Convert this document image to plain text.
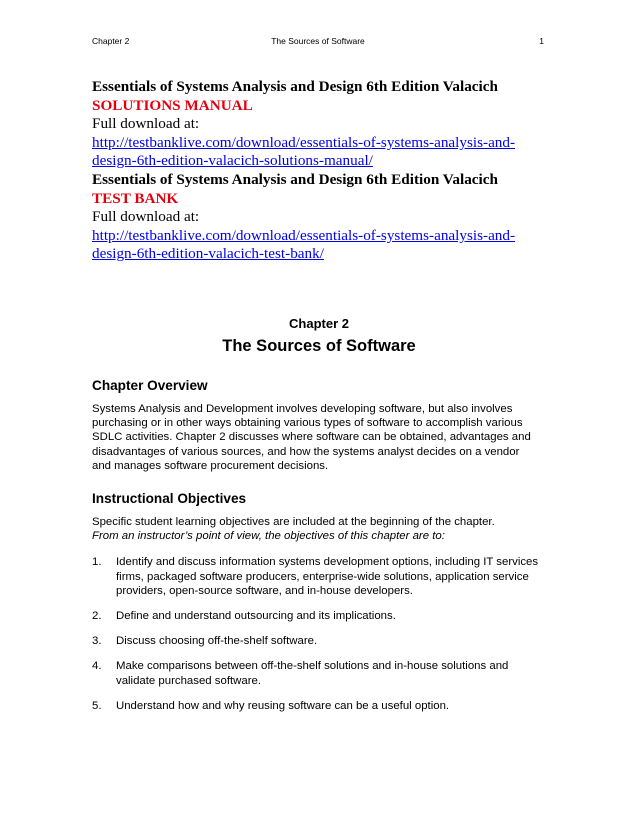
Chapter 2	The Sources of Software	1
Essentials of Systems Analysis and Design 6th Edition Valacich
SOLUTIONS MANUAL
Full download at:
http://testbanklive.com/download/essentials-of-systems-analysis-and-
design-6th-edition-valacich-solutions-manual/
Essentials of Systems Analysis and Design 6th Edition Valacich
TEST BANK
Full download at:
http://testbanklive.com/download/essentials-of-systems-analysis-and-
design-6th-edition-valacich-test-bank/
Chapter 2
The Sources of Software
Chapter Overview

Systems Analysis and Development involves developing software, but also involves
purchasing or in other ways obtaining various types of software to accomplish various
SDLC activities. Chapter 2 discusses where software can be obtained, advantages and
disadvantages of various sources, and how the systems analyst decides on a vendor
and manages software procurement decisions.

Instructional Objectives

Specific student learning objectives are included at the beginning of the chapter.
From an instructor’s point of view, the objectives of this chapter are to:

1. Identify and discuss information systems development options, including IT services
firms, packaged software producers, enterprise-wide solutions, application service
providers, open-source software, and in-house developers.
2. Define and understand outsourcing and its implications.
3. Discuss choosing off-the-shelf software.
4. Make comparisons between off-the-shelf solutions and in-house solutions and
validate purchased software.
5. Understand how and why reusing software can be a useful option.
